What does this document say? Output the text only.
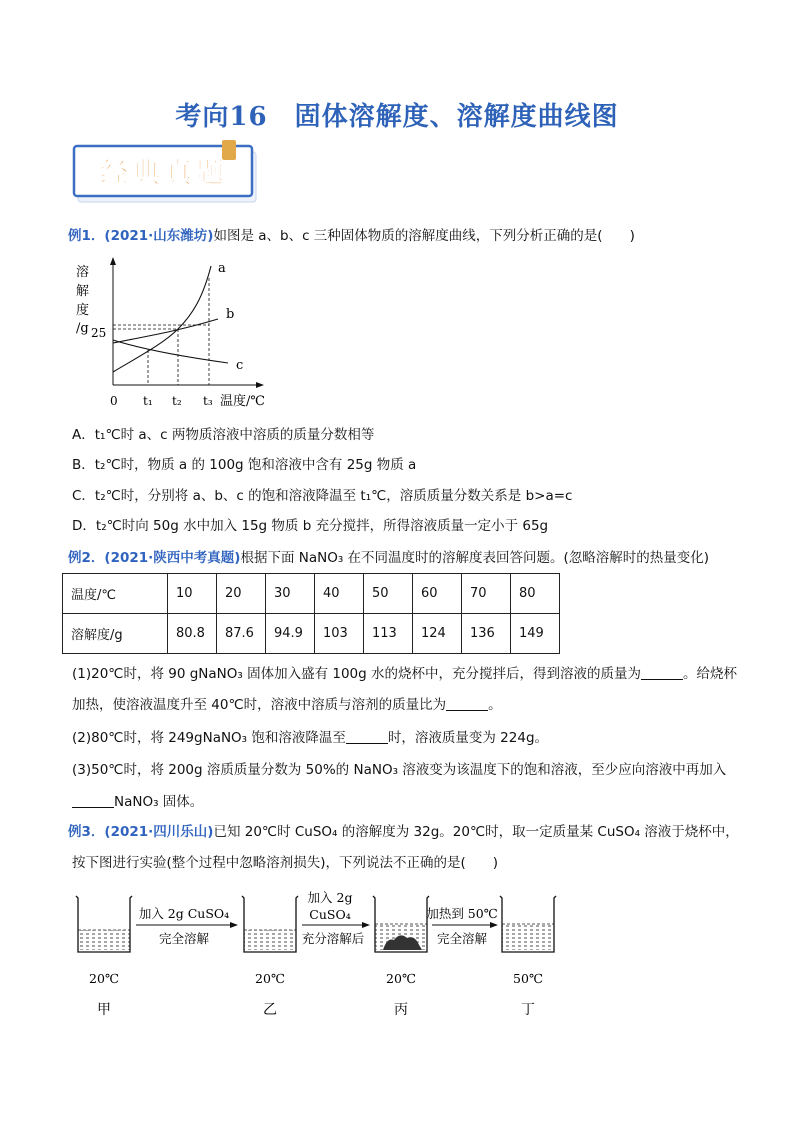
考向16　固体溶解度、溶解度曲线图
经典真题
例1．(2021·山东潍坊)如图是 a、b、c 三种固体物质的溶解度曲线，下列分析正确的是(　　)
溶
解
度
/g 25
0 t₁ t₂ t₃ 温度/℃
a
b
c
A．t₁℃时 a、c 两物质溶液中溶质的质量分数相等
B．t₂℃时，物质 a 的 100g 饱和溶液中含有 25g 物质 a
C．t₂℃时，分别将 a、b、c 的饱和溶液降温至 t₁℃，溶质质量分数关系是 b>a=c
D．t₂℃时向 50g 水中加入 15g 物质 b 充分搅拌，所得溶液质量一定小于 65g
例2．(2021·陕西中考真题)根据下面 NaNO₃ 在不同温度时的溶解度表回答问题。(忽略溶解时的热量变化)
温度/℃	10	20	30	40	50	60	70	80
溶解度/g	80.8	87.6	94.9	103	113	124	136	149
(1)20℃时，将 90 gNaNO₃ 固体加入盛有 100g 水的烧杯中，充分搅拌后，得到溶液的质量为	。给烧杯
加热，使溶液温度升至 40℃时，溶液中溶质与溶剂的质量比为	。
(2)80℃时，将 249gNaNO₃ 饱和溶液降温至	时，溶液质量变为 224g。
(3)50℃时，将 200g 溶质质量分数为 50%的 NaNO₃ 溶液变为该温度下的饱和溶液，至少应向溶液中再加入
NaNO₃ 固体。
例3．(2021·四川乐山)已知 20℃时 CuSO₄ 的溶解度为 32g。20℃时，取一定质量某 CuSO₄ 溶液于烧杯中，
按下图进行实验(整个过程中忽略溶剂损失)，下列说法不正确的是(　　)
加入 2g CuSO₄
完全溶解
加入 2g
CuSO₄
充分溶解后
加热到 50℃
完全溶解
20℃	20℃	20℃	50℃
甲	乙	丙	丁
